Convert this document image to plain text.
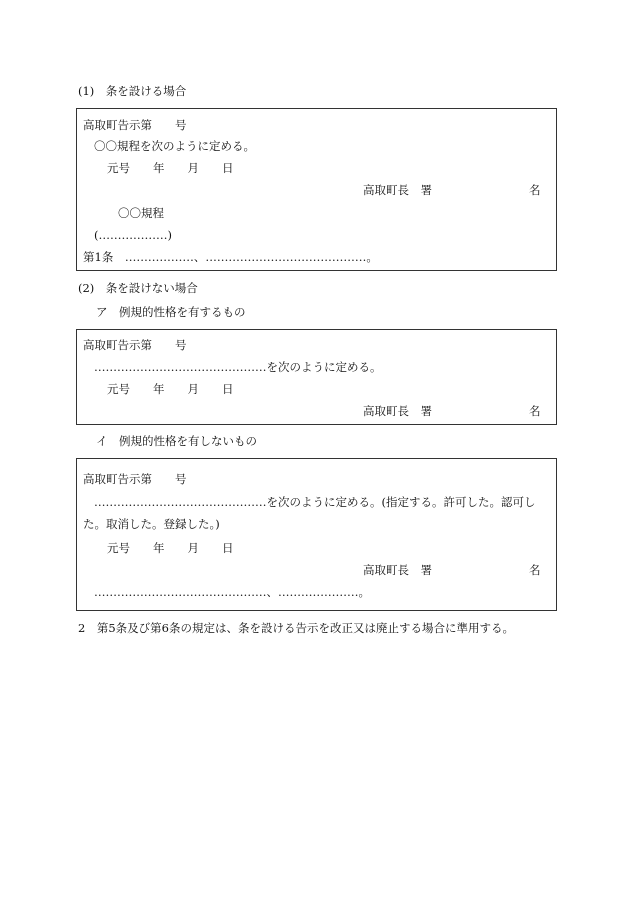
(1)　条を設ける場合
高取町告示第　　号
〇〇規程を次のように定める。
元号　　年　　月　　日
高取町長　署	名
〇〇規程
(………………)
第1条　………………、……………………………………。
(2)　条を設けない場合
ア　例規的性格を有するもの
高取町告示第　　号
………………………………………を次のように定める。
元号　　年　　月　　日
高取町長　署	名
イ　例規的性格を有しないもの
高取町告示第　　号
………………………………………を次のように定める。(指定する。許可した。認可し
た。取消した。登録した。)
元号　　年　　月　　日
高取町長　署	名
………………………………………、…………………。
2　第5条及び第6条の規定は、条を設ける告示を改正又は廃止する場合に準用する。
